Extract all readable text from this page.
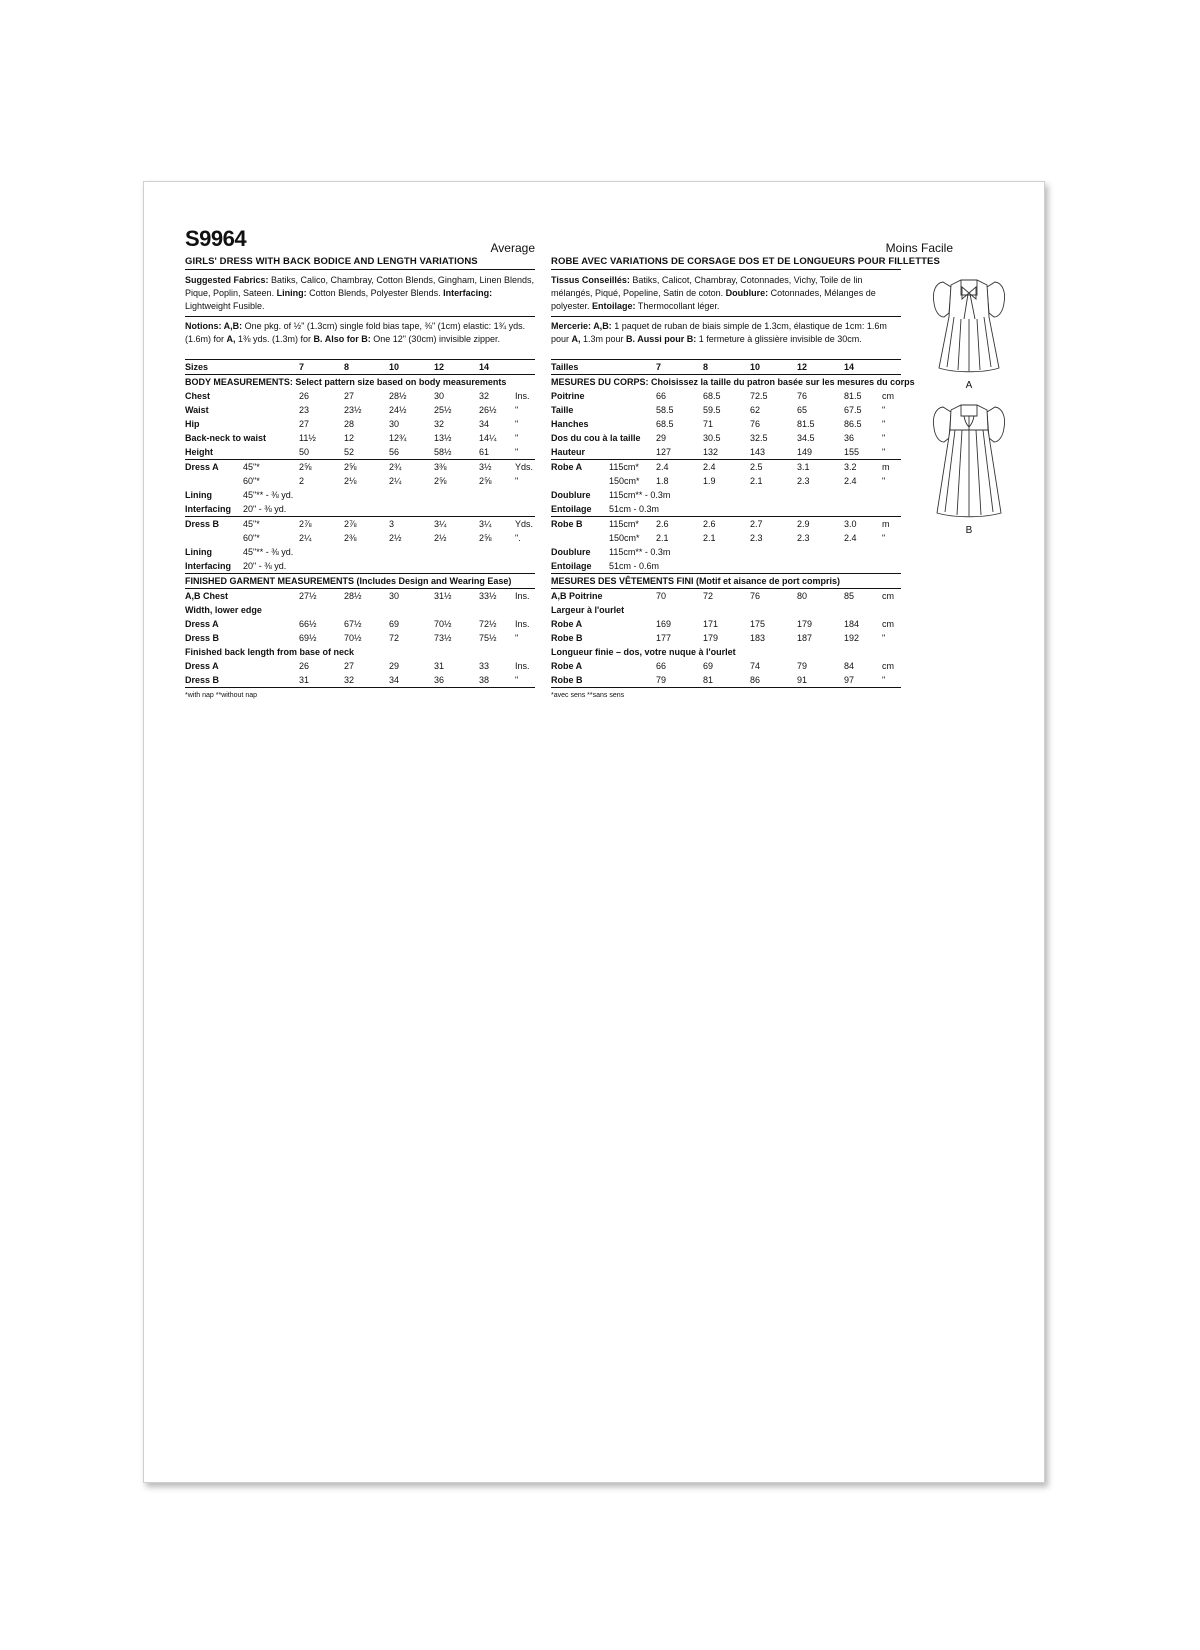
S9964	Average
GIRLS' DRESS WITH BACK BODICE AND LENGTH VARIATIONS

Suggested Fabrics: Batiks, Calico, Chambray, Cotton Blends, Gingham, Linen Blends, Pique, Poplin, Sateen. Lining: Cotton Blends, Polyester Blends. Interfacing: Lightweight Fusible.

Notions: A,B: One pkg. of ½" (1.3cm) single fold bias tape, ⅜" (1cm) elastic: 1¾ yds. (1.6m) for A, 1⅜ yds. (1.3m) for B. Also for B: One 12" (30cm) invisible zipper.

Sizes		7	8	10	12	14	
BODY MEASUREMENTS: Select pattern size based on body measurements							
Chest		26	27	28½	30	32	Ins.
Waist		23	23½	24½	25½	26½	"
Hip		27	28	30	32	34	"
Back-neck to waist		11½	12	12¾	13½	14¼	"
Height		50	52	56	58½	61	"
Dress A	45"*	2⅝	2⅝	2¾	3⅜	3½	Yds.
	60"*	2	2⅛	2¼	2⅝	2⅝	"
Lining	45"** - ⅜ yd.						
Interfacing	20" - ⅜ yd.						
Dress B	45"*	2⅞	2⅞	3	3¼	3¼	Yds.
	60"*	2¼	2⅜	2½	2½	2⅝	".
Lining	45"** - ⅜ yd.						
Interfacing	20" - ⅜ yd.						
FINISHED GARMENT MEASUREMENTS (Includes Design and Wearing Ease)							
A,B Chest		27½	28½	30	31½	33½	Ins.
Width, lower edge							
Dress A		66½	67½	69	70½	72½	Ins.
Dress B		69½	70½	72	73½	75½	"
Finished back length from base of neck							
Dress A		26	27	29	31	33	Ins.
Dress B		31	32	34	36	38	"
*with nap **without nap
Moins Facile
ROBE AVEC VARIATIONS DE CORSAGE DOS ET DE LONGUEURS POUR FILLETTES

Tissus Conseillés: Batiks, Calicot, Chambray, Cotonnades, Vichy, Toile de lin mélangés, Piqué, Popeline, Satin de coton. Doublure: Cotonnades, Mélanges de polyester. Entoilage: Thermocollant léger.

Mercerie: A,B: 1 paquet de ruban de biais simple de 1.3cm, élastique de 1cm: 1.6m pour A, 1.3m pour B. Aussi pour B: 1 fermeture à glissière invisible de 30cm.

Tailles		7	8	10	12	14	
MESURES DU CORPS: Choisissez la taille du patron basée sur les mesures du corps							
Poitrine		66	68.5	72.5	76	81.5	cm
Taille		58.5	59.5	62	65	67.5	"
Hanches		68.5	71	76	81.5	86.5	"
Dos du cou à la taille		29	30.5	32.5	34.5	36	"
Hauteur		127	132	143	149	155	"
Robe A	115cm*	2.4	2.4	2.5	3.1	3.2	m
	150cm*	1.8	1.9	2.1	2.3	2.4	"
Doublure	115cm** - 0.3m						
Entoilage	51cm - 0.3m						
Robe B	115cm*	2.6	2.6	2.7	2.9	3.0	m
	150cm*	2.1	2.1	2.3	2.3	2.4	"
Doublure	115cm** - 0.3m						
Entoilage	51cm - 0.6m						
MESURES DES VÊTEMENTS FINI (Motif et aisance de port compris)							
A,B Poitrine		70	72	76	80	85	cm
Largeur à l'ourlet							
Robe A		169	171	175	179	184	cm
Robe B		177	179	183	187	192	"
Longueur finie – dos, votre nuque à l'ourlet							
Robe A		66	69	74	79	84	cm
Robe B		79	81	86	91	97	"
*avec sens **sans sens
A
B
